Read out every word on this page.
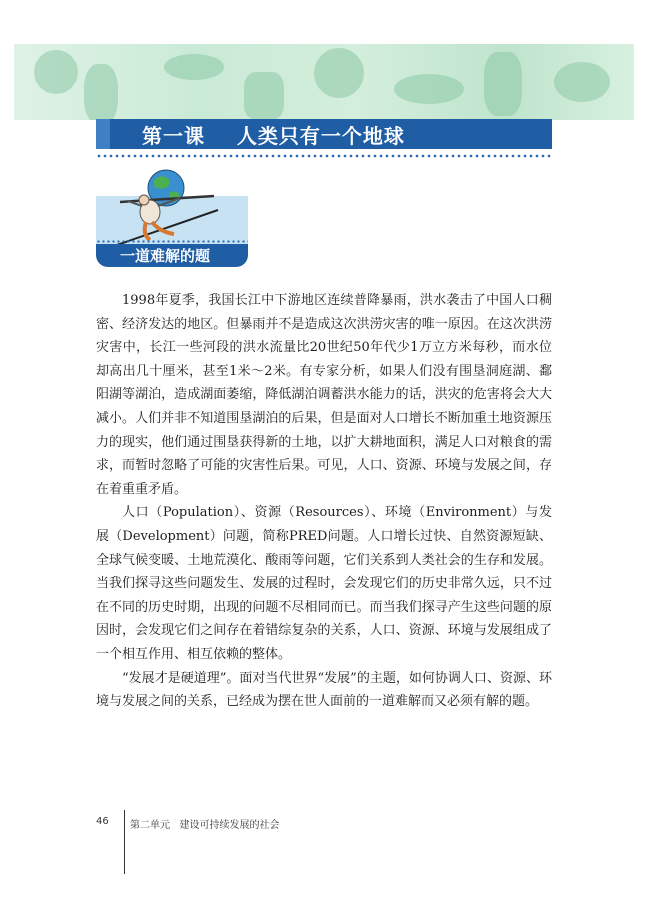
第一课    人类只有一个地球
一道难解的题

1998年夏季，我国长江中下游地区连续普降暴雨，洪水袭击了中国人口稠密、经济发达的地区。但暴雨并不是造成这次洪涝灾害的唯一原因。在这次洪涝灾害中，长江一些河段的洪水流量比20世纪50年代少1万立方米每秒，而水位却高出几十厘米，甚至1米～2米。有专家分析，如果人们没有围垦洞庭湖、鄱阳湖等湖泊，造成湖面萎缩，降低湖泊调蓄洪水能力的话，洪灾的危害将会大大减小。人们并非不知道围垦湖泊的后果，但是面对人口增长不断加重土地资源压力的现实，他们通过围垦获得新的土地，以扩大耕地面积，满足人口对粮食的需求，而暂时忽略了可能的灾害性后果。可见，人口、资源、环境与发展之间，存在着重重矛盾。

人口（Population）、资源（Resources）、环境（Environment）与发展（Development）问题，简称PRED问题。人口增长过快、自然资源短缺、全球气候变暖、土地荒漠化、酸雨等问题，它们关系到人类社会的生存和发展。当我们探寻这些问题发生、发展的过程时，会发现它们的历史非常久远，只不过在不同的历史时期，出现的问题不尽相同而已。而当我们探寻产生这些问题的原因时，会发现它们之间存在着错综复杂的关系，人口、资源、环境与发展组成了一个相互作用、相互依赖的整体。

“发展才是硬道理”。面对当代世界“发展”的主题，如何协调人口、资源、环境与发展之间的关系，已经成为摆在世人面前的一道难解而又必须有解的题。

46 第二单元   建设可持续发展的社会
